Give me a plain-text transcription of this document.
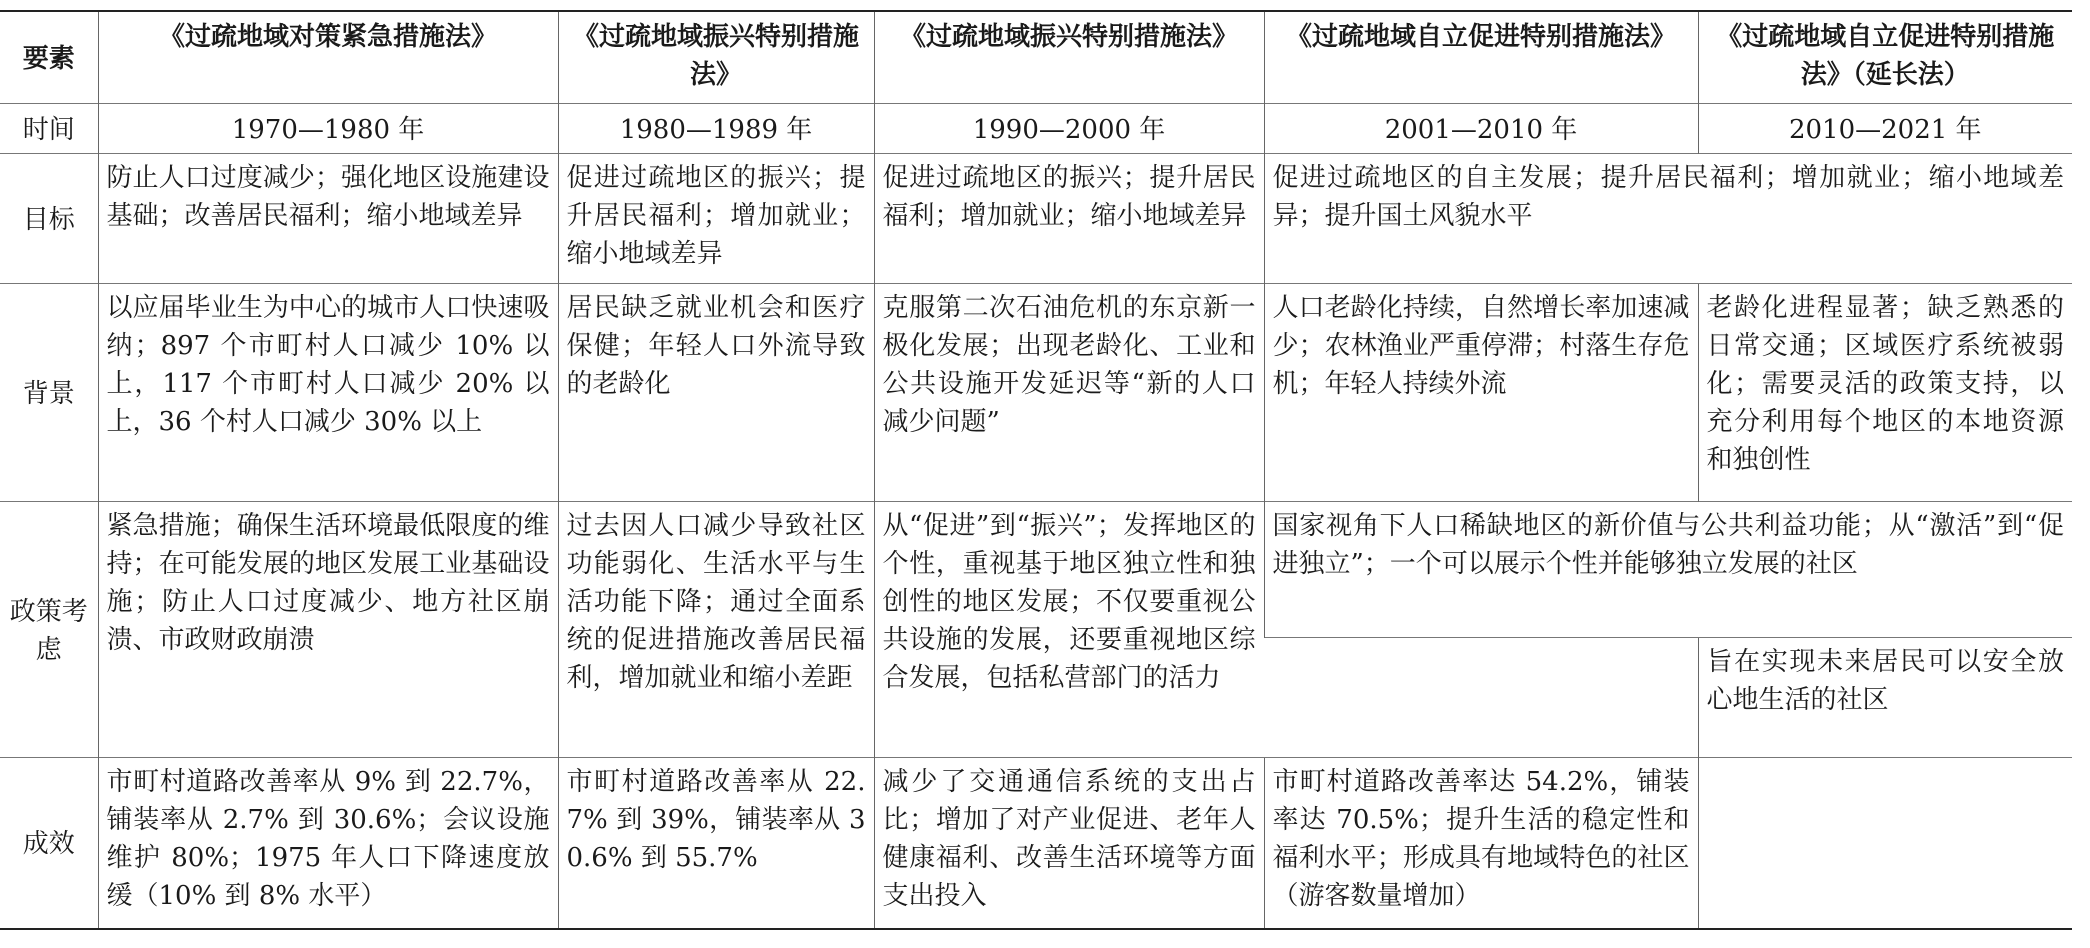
要素	《过疏地域对策紧急措施法》	《过疏地域振兴特别措施法》	《过疏地域振兴特别措施法》	《过疏地域自立促进特别措施法》	《过疏地域自立促进特别措施法》（延长法）
时间	1970—1980 年	1980—1989 年	1990—2000 年	2001—2010 年	2010—2021 年
目标	防止人口过度减少；强化地区设施建设基础；改善居民福利；缩小地域差异	促进过疏地区的振兴；提升居民福利；增加就业；缩小地域差异	促进过疏地区的振兴；提升居民福利；增加就业；缩小地域差异	促进过疏地区的自主发展；提升居民福利；增加就业；缩小地域差异；提升国土风貌水平	
背景	以应届毕业生为中心的城市人口快速吸纳；897 个市町村人口减少 10% 以上，117 个市町村人口减少 20% 以上，36 个村人口减少 30% 以上	居民缺乏就业机会和医疗保健；年轻人口外流导致的老龄化	克服第二次石油危机的东京新一极化发展；出现老龄化、工业和公共设施开发延迟等“新的人口减少问题”	人口老龄化持续，自然增长率加速减少；农林渔业严重停滞；村落生存危机；年轻人持续外流	老龄化进程显著；缺乏熟悉的日常交通；区域医疗系统被弱化；需要灵活的政策支持，以充分利用每个地区的本地资源和独创性
政策考虑	紧急措施；确保生活环境最低限度的维持；在可能发展的地区发展工业基础设施；防止人口过度减少、地方社区崩溃、市政财政崩溃	过去因人口减少导致社区功能弱化、生活水平与生活功能下降；通过全面系统的促进措施改善居民福利，增加就业和缩小差距	从“促进”到“振兴”；发挥地区的个性，重视基于地区独立性和独创性的地区发展；不仅要重视公共设施的发展，还要重视地区综合发展，包括私营部门的活力	国家视角下人口稀缺地区的新价值与公共利益功能；从“激活”到“促进独立”；一个可以展示个性并能够独立发展的社区	
					旨在实现未来居民可以安全放心地生活的社区
成效	市町村道路改善率从 9% 到 22.7%，铺装率从 2.7% 到 30.6%；会议设施维护 80%；1975 年人口下降速度放缓（10% 到 8% 水平）	市町村道路改善率从 22.7% 到 39%，铺装率从 30.6% 到 55.7%	减少了交通通信系统的支出占比；增加了对产业促进、老年人健康福利、改善生活环境等方面支出投入	市町村道路改善率达 54.2%，铺装率达 70.5%；提升生活的稳定性和福利水平；形成具有地域特色的社区（游客数量增加）	
